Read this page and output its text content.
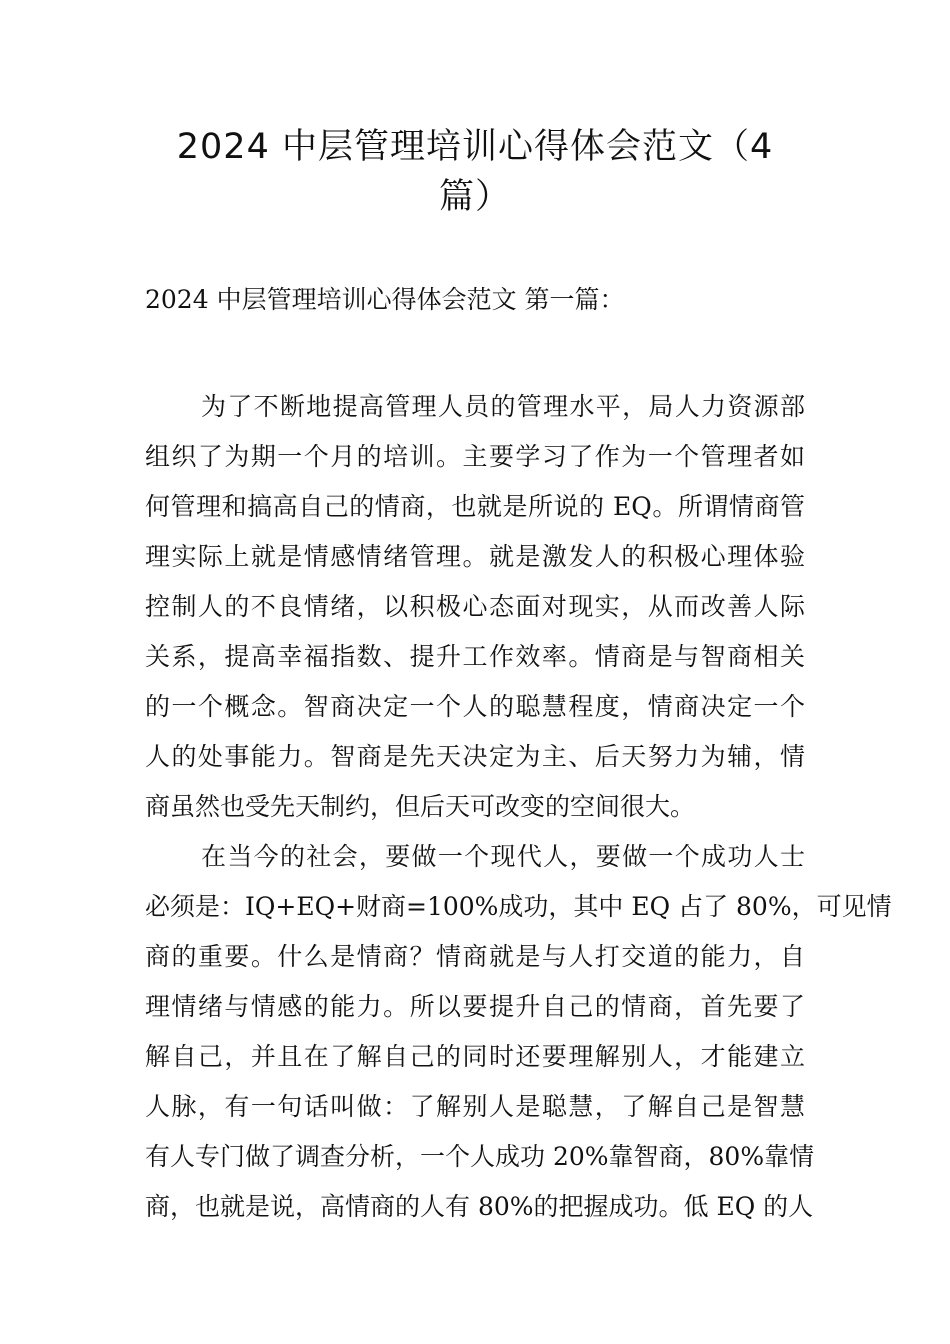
2024 中层管理培训心得体会范文（4
篇）

2024 中层管理培训心得体会范文 第一篇：

为了不断地提高管理人员的管理水平，局人力资源部
组织了为期一个月的培训。主要学习了作为一个管理者如
何管理和搞高自己的情商，也就是所说的 EQ。所谓情商管
理实际上就是情感情绪管理。就是激发人的积极心理体验
控制人的不良情绪，以积极心态面对现实，从而改善人际
关系，提高幸福指数、提升工作效率。情商是与智商相关
的一个概念。智商决定一个人的聪慧程度，情商决定一个
人的处事能力。智商是先天决定为主、后天努力为辅，情
商虽然也受先天制约，但后天可改变的空间很大。
在当今的社会，要做一个现代人，要做一个成功人士
必须是：IQ+EQ+财商=100%成功，其中 EQ 占了 80%，可见情
商的重要。什么是情商？情商就是与人打交道的能力，自
理情绪与情感的能力。所以要提升自己的情商，首先要了
解自己，并且在了解自己的同时还要理解别人，才能建立
人脉，有一句话叫做：了解别人是聪慧，了解自己是智慧
有人专门做了调查分析，一个人成功 20%靠智商，80%靠情
商，也就是说，高情商的人有 80%的把握成功。低 EQ 的人
